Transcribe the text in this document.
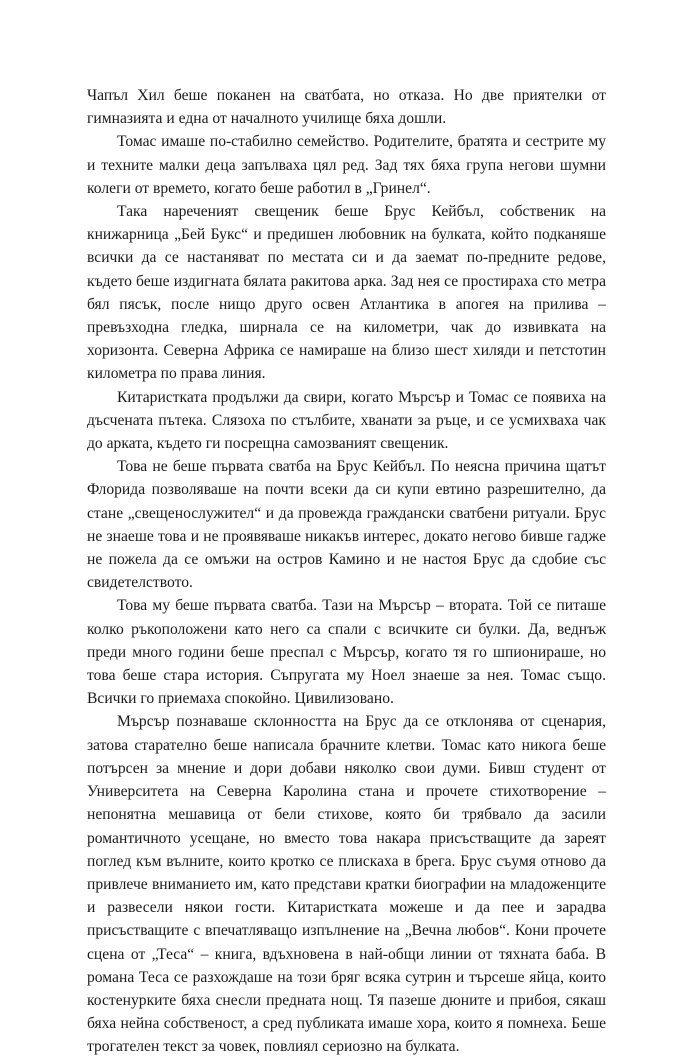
Чапъл Хил беше поканен на сватбата, но отказа. Но две приятелки от гимназията и една от началното училище бяха дошли.

Томас имаше по-стабилно семейство. Родителите, братята и сестрите му и техните малки деца запълваха цял ред. Зад тях бяха група негови шумни колеги от времето, когато беше работил в „Гринел“.

Така нареченият свещеник беше Брус Кейбъл, собственик на книжарница „Бей Букс“ и предишен любовник на булката, който подканяше всички да се настаняват по местата си и да заемат по-предните редове, където беше издигната бялата ракитова арка. Зад нея се простираха сто метра бял пясък, после нищо друго освен Атлантика в апогея на прилива – превъзходна гледка, ширнала се на километри, чак до извивката на хоризонта. Северна Африка се намираше на близо шест хиляди и петстотин километра по права линия.

Китаристката продължи да свири, когато Мърсър и Томас се появиха на дъсчената пътека. Слязоха по стълбите, хванати за ръце, и се усмихваха чак до арката, където ги посрещна самозваният свещеник.

Това не беше първата сватба на Брус Кейбъл. По неясна причина щатът Флорида позволяваше на почти всеки да си купи евтино разрешително, да стане „свещенослужител“ и да провежда граждански сватбени ритуали. Брус не знаеше това и не проявяваше никакъв интерес, докато негово бивше гадже не пожела да се омъжи на остров Камино и не настоя Брус да сдобие със свидетелството.

Това му беше първата сватба. Тази на Мърсър – втората. Той се питаше колко ръкоположени като него са спали с всичките си булки. Да, веднъж преди много години беше преспал с Мърсър, когато тя го шпионираше, но това беше стара история. Съпругата му Ноел знаеше за нея. Томас също. Всички го приемаха спокойно. Цивилизовано.

Мърсър познаваше склонността на Брус да се отклонява от сценария, затова старателно беше написала брачните клетви. Томас като никога беше потърсен за мнение и дори добави няколко свои думи. Бивш студент от Университета на Северна Каролина стана и прочете стихотворение – непонятна мешавица от бели стихове, която би трябвало да засили романтичното усещане, но вместо това накара присъстващите да зареят поглед към вълните, които кротко се плискаха в брега. Брус съумя отново да привлече вниманието им, като представи кратки биографии на младоженците и развесели някои гости. Китаристката можеше и да пее и зарадва присъстващите с впечатляващо изпълнение на „Вечна любов“. Кони прочете сцена от „Теса“ – книга, вдъхновена в най-общи линии от тяхната баба. В романа Теса се разхождаше на този бряг всяка сутрин и търсеше яйца, които костенурките бяха снесли предната нощ. Тя пазеше дюните и прибоя, сякаш бяха нейна собственост, а сред публиката имаше хора, които я помнеха. Беше трогателен текст за човек, повлиял сериозно на булката.
